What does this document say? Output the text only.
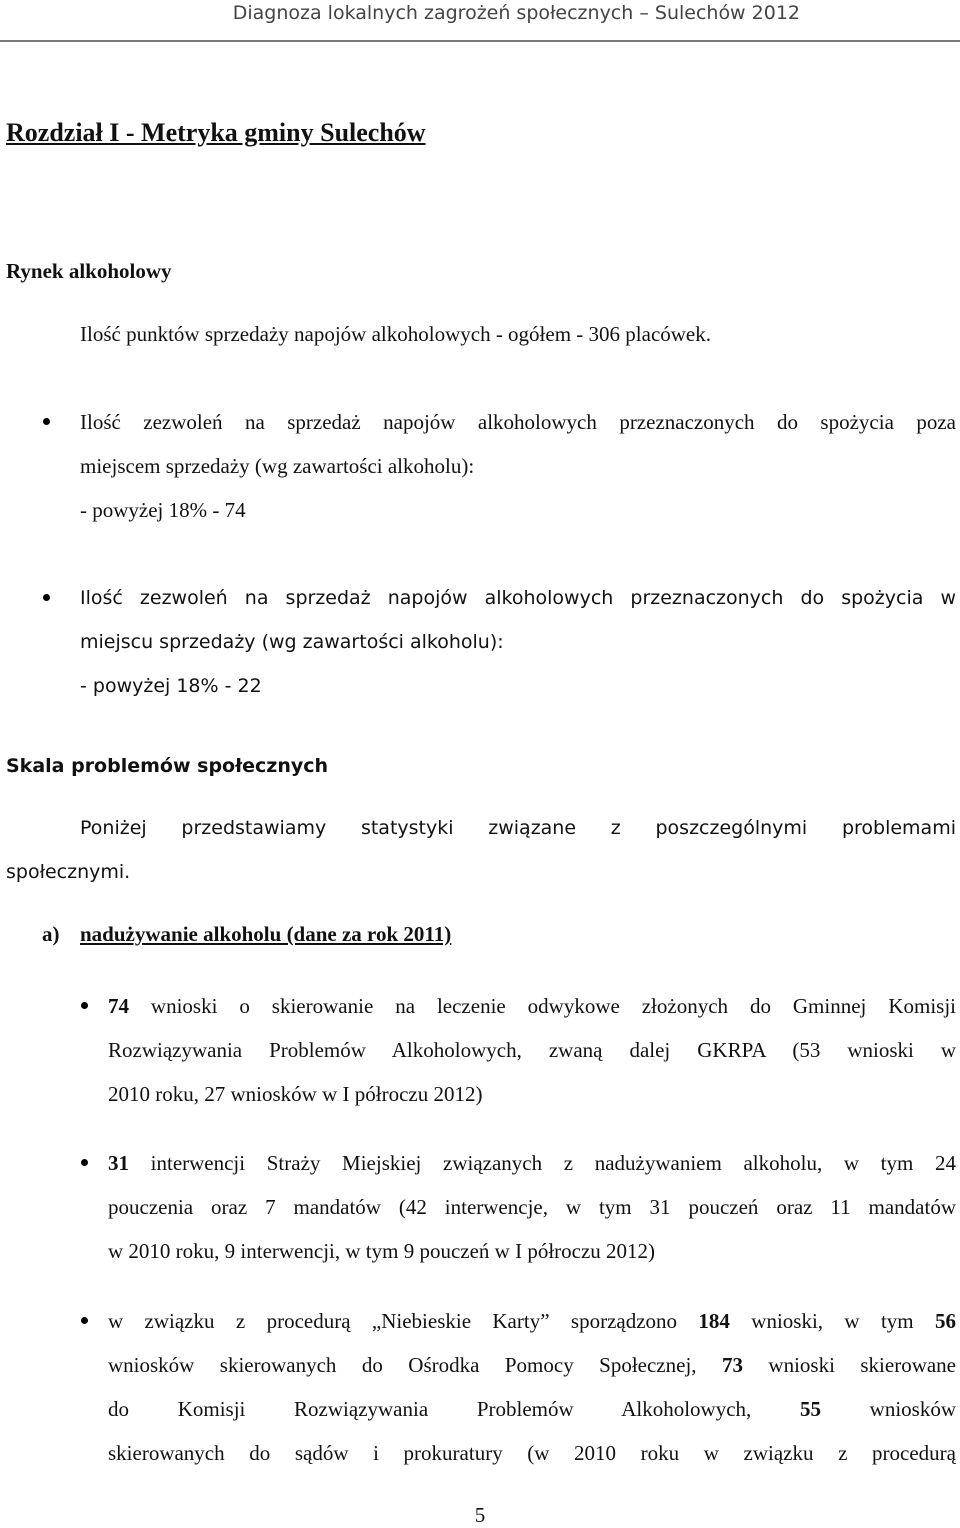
Diagnoza lokalnych zagrożeń społecznych – Sulechów 2012
Rozdział I - Metryka gminy Sulechów
Rynek alkoholowy
Ilość punktów sprzedaży napojów alkoholowych - ogółem - 306 placówek.
Ilość zezwoleń na sprzedaż napojów alkoholowych przeznaczonych do spożycia poza
miejscem sprzedaży (wg zawartości alkoholu):
- powyżej 18% - 74
Ilość zezwoleń na sprzedaż napojów alkoholowych przeznaczonych do spożycia w
miejscu sprzedaży (wg zawartości alkoholu):
- powyżej 18% - 22
Skala problemów społecznych
Poniżej przedstawiamy statystyki związane z poszczególnymi problemami
społecznymi.
a) nadużywanie alkoholu (dane za rok 2011)
74 wnioski o skierowanie na leczenie odwykowe złożonych do Gminnej Komisji
Rozwiązywania Problemów Alkoholowych, zwaną dalej GKRPA (53 wnioski w
2010 roku, 27 wniosków w I półroczu 2012)
31 interwencji Straży Miejskiej związanych z nadużywaniem alkoholu, w tym 24
pouczenia oraz 7 mandatów (42 interwencje, w tym 31 pouczeń oraz 11 mandatów
w 2010 roku, 9 interwencji, w tym 9 pouczeń w I półroczu 2012)
w związku z procedurą „Niebieskie Karty” sporządzono 184 wnioski, w tym 56
wniosków skierowanych do Ośrodka Pomocy Społecznej, 73 wnioski skierowane
do Komisji Rozwiązywania Problemów Alkoholowych, 55 wniosków
skierowanych do sądów i prokuratury (w 2010 roku w związku z procedurą
5
